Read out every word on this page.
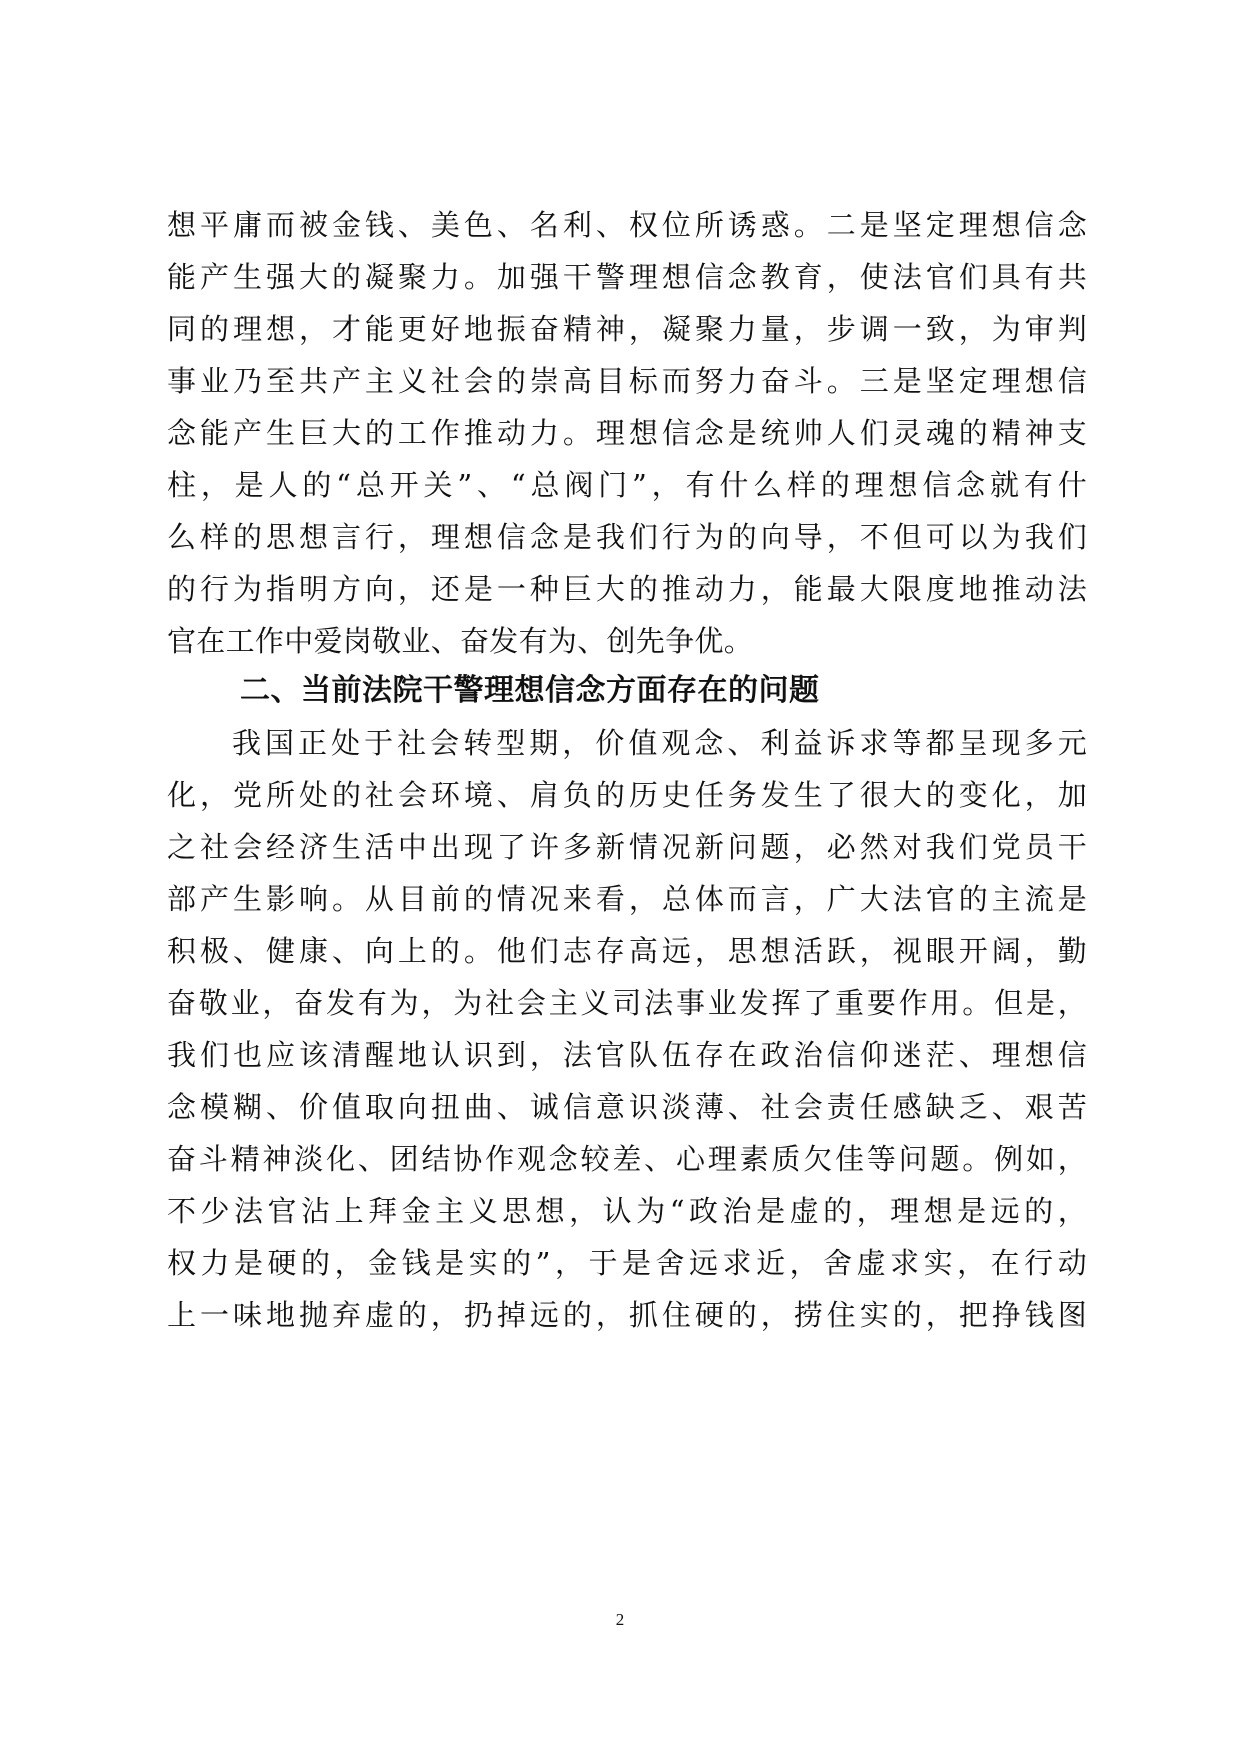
想平庸而被金钱、美色、名利、权位所诱惑。二是坚定理想信念
能产生强大的凝聚力。加强干警理想信念教育，使法官们具有共
同的理想，才能更好地振奋精神，凝聚力量，步调一致，为审判
事业乃至共产主义社会的崇高目标而努力奋斗。三是坚定理想信
念能产生巨大的工作推动力。理想信念是统帅人们灵魂的精神支
柱，是人的“总开关”、“总阀门”，有什么样的理想信念就有什
么样的思想言行，理想信念是我们行为的向导，不但可以为我们
的行为指明方向，还是一种巨大的推动力，能最大限度地推动法
官在工作中爱岗敬业、奋发有为、创先争优。
二、当前法院干警理想信念方面存在的问题
我国正处于社会转型期，价值观念、利益诉求等都呈现多元
化，党所处的社会环境、肩负的历史任务发生了很大的变化，加
之社会经济生活中出现了许多新情况新问题，必然对我们党员干
部产生影响。从目前的情况来看，总体而言，广大法官的主流是
积极、健康、向上的。他们志存高远，思想活跃，视眼开阔，勤
奋敬业，奋发有为，为社会主义司法事业发挥了重要作用。但是，
我们也应该清醒地认识到，法官队伍存在政治信仰迷茫、理想信
念模糊、价值取向扭曲、诚信意识淡薄、社会责任感缺乏、艰苦
奋斗精神淡化、团结协作观念较差、心理素质欠佳等问题。例如，
不少法官沾上拜金主义思想，认为“政治是虚的，理想是远的，
权力是硬的，金钱是实的”，于是舍远求近，舍虚求实，在行动
上一味地抛弃虚的，扔掉远的，抓住硬的，捞住实的，把挣钱图
2
